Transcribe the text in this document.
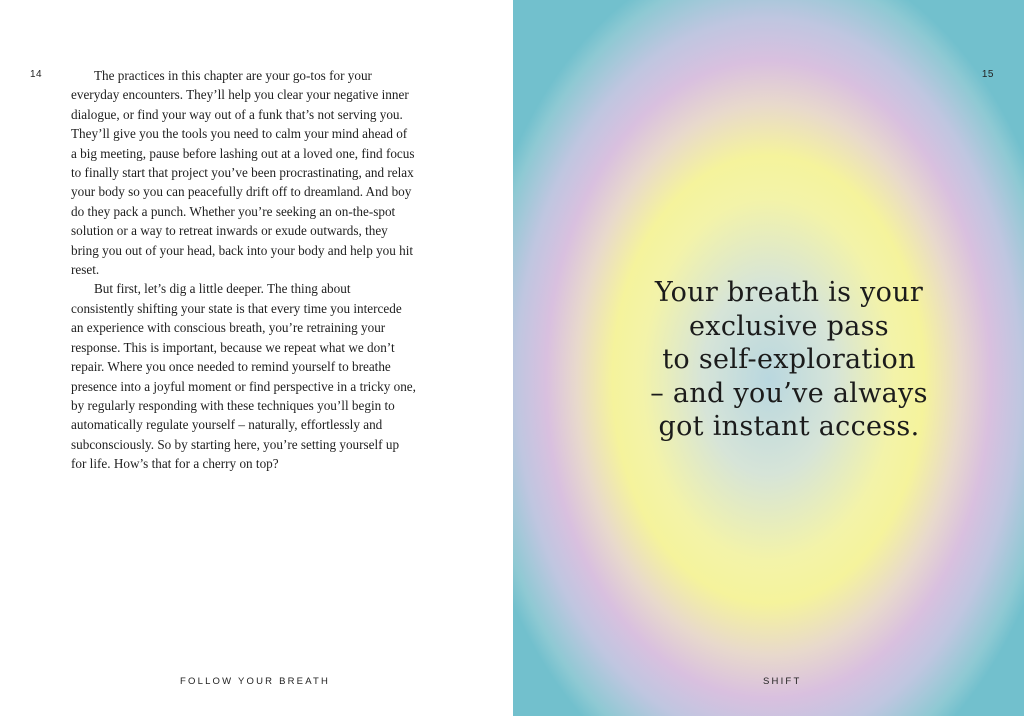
14	The practices in this chapter are your go-tos for your everyday encounters. They’ll help you clear your negative inner dialogue, or find your way out of a funk that’s not serving you. They’ll give you the tools you need to calm your mind ahead of a big meeting, pause before lashing out at a loved one, find focus to finally start that project you’ve been procrastinating, and relax your body so you can peacefully drift off to dreamland. And boy do they pack a punch. Whether you’re seeking an on-the-spot solution or a way to retreat inwards or exude outwards, they bring you out of your head, back into your body and help you hit reset.

But first, let’s dig a little deeper. The thing about consistently shifting your state is that every time you intercede an experience with conscious breath, you’re retraining your response. This is important, because we repeat what we don’t repair. Where you once needed to remind yourself to breathe presence into a joyful moment or find perspective in a tricky one, by regularly responding with these techniques you’ll begin to automatically regulate yourself – naturally, effortlessly and subconsciously. So by starting here, you’re setting yourself up for life. How’s that for a cherry on top?

FOLLOW YOUR BREATH
15
Your breath is your
exclusive pass
to self-exploration
– and you’ve always
got instant access.
SHIFT
